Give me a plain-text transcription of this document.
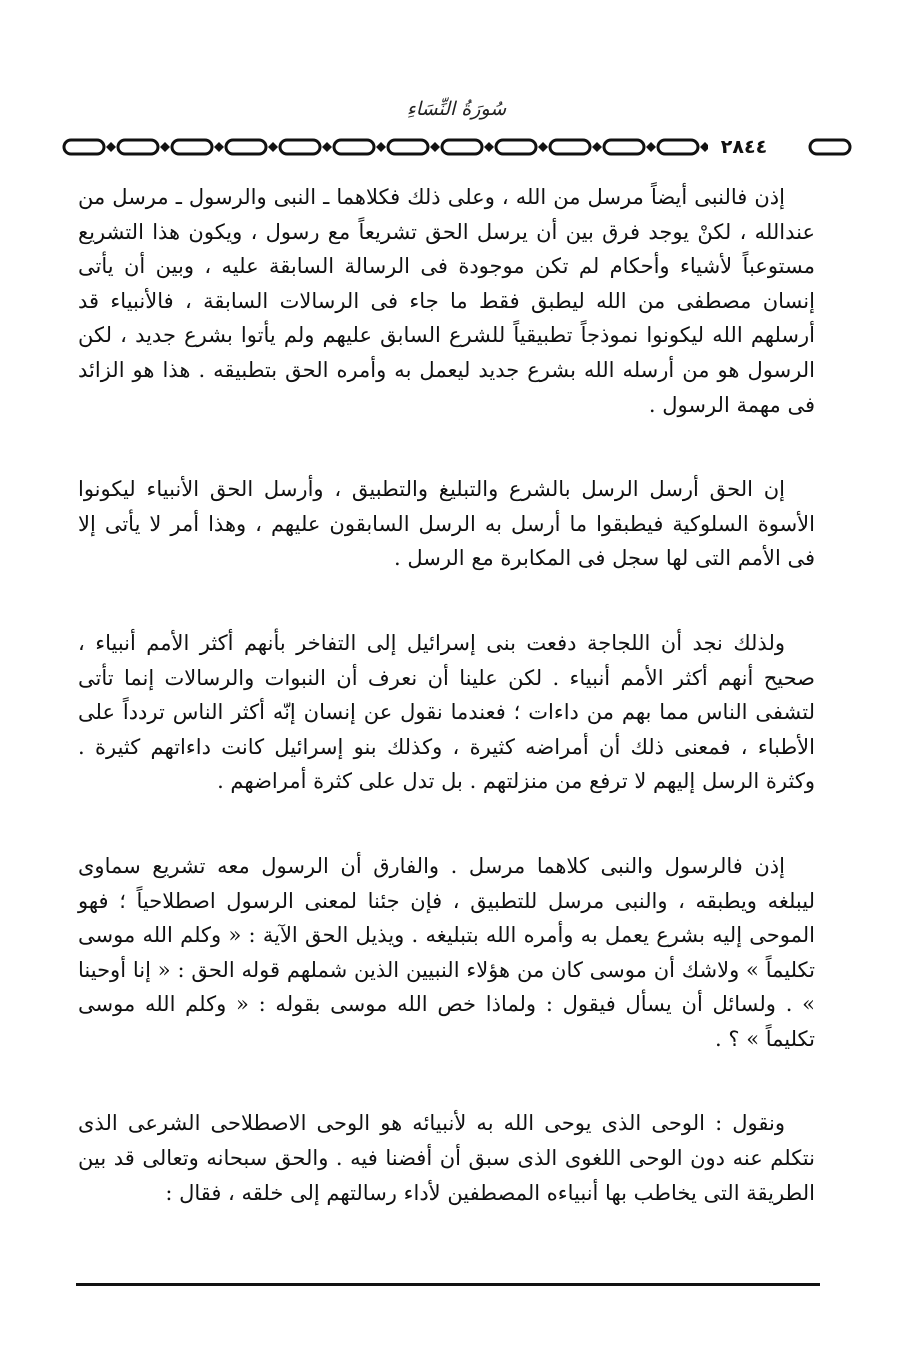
سُورَةُ النِّسَاءِ
٢٨٤٤

إذن فالنبى أيضاً مرسل من الله ، وعلى ذلك فكلاهما ـ النبى والرسول ـ مرسل من عندالله ، لكنْ يوجد فرق بين أن يرسل الحق تشريعاً مع رسول ، ويكون هذا التشريع مستوعباً لأشياء وأحكام لم تكن موجودة فى الرسالة السابقة عليه ، وبين أن يأتى إنسان مصطفى من الله ليطبق فقط ما جاء فى الرسالات السابقة ، فالأنبياء قد أرسلهم الله ليكونوا نموذجاً تطبيقياً للشرع السابق عليهم ولم يأتوا بشرع جديد ، لكن الرسول هو من أرسله الله بشرع جديد ليعمل به وأمره الحق بتطبيقه . هذا هو الزائد فى مهمة الرسول .

إن الحق أرسل الرسل بالشرع والتبليغ والتطبيق ، وأرسل الحق الأنبياء ليكونوا الأسوة السلوكية فيطبقوا ما أرسل به الرسل السابقون عليهم ، وهذا أمر لا يأتى إلا فى الأمم التى لها سجل فى المكابرة مع الرسل .

ولذلك نجد أن اللجاجة دفعت بنى إسرائيل إلى التفاخر بأنهم أكثر الأمم أنبياء ، صحيح أنهم أكثر الأمم أنبياء . لكن علينا أن نعرف أن النبوات والرسالات إنما تأتى لتشفى الناس مما بهم من داءات ؛ فعندما نقول عن إنسان إنّه أكثر الناس تردداً على الأطباء ، فمعنى ذلك أن أمراضه كثيرة ، وكذلك بنو إسرائيل كانت داءاتهم كثيرة . وكثرة الرسل إليهم لا ترفع من منزلتهم . بل تدل على كثرة أمراضهم .

إذن فالرسول والنبى كلاهما مرسل . والفارق أن الرسول معه تشريع سماوى ليبلغه ويطبقه ، والنبى مرسل للتطبيق ، فإن جئنا لمعنى الرسول اصطلاحياً ؛ فهو الموحى إليه بشرع يعمل به وأمره الله بتبليغه . ويذيل الحق الآية : « وكلم الله موسى تكليماً » ولاشك أن موسى كان من هؤلاء النبيين الذين شملهم قوله الحق : « إنا أوحينا » . ولسائل أن يسأل فيقول : ولماذا خص الله موسى بقوله : « وكلم الله موسى تكليماً » ؟ .

ونقول : الوحى الذى يوحى الله به لأنبيائه هو الوحى الاصطلاحى الشرعى الذى نتكلم عنه دون الوحى اللغوى الذى سبق أن أفضنا فيه . والحق سبحانه وتعالى قد بين الطريقة التى يخاطب بها أنبياءه المصطفين لأداء رسالتهم إلى خلقه ، فقال :
